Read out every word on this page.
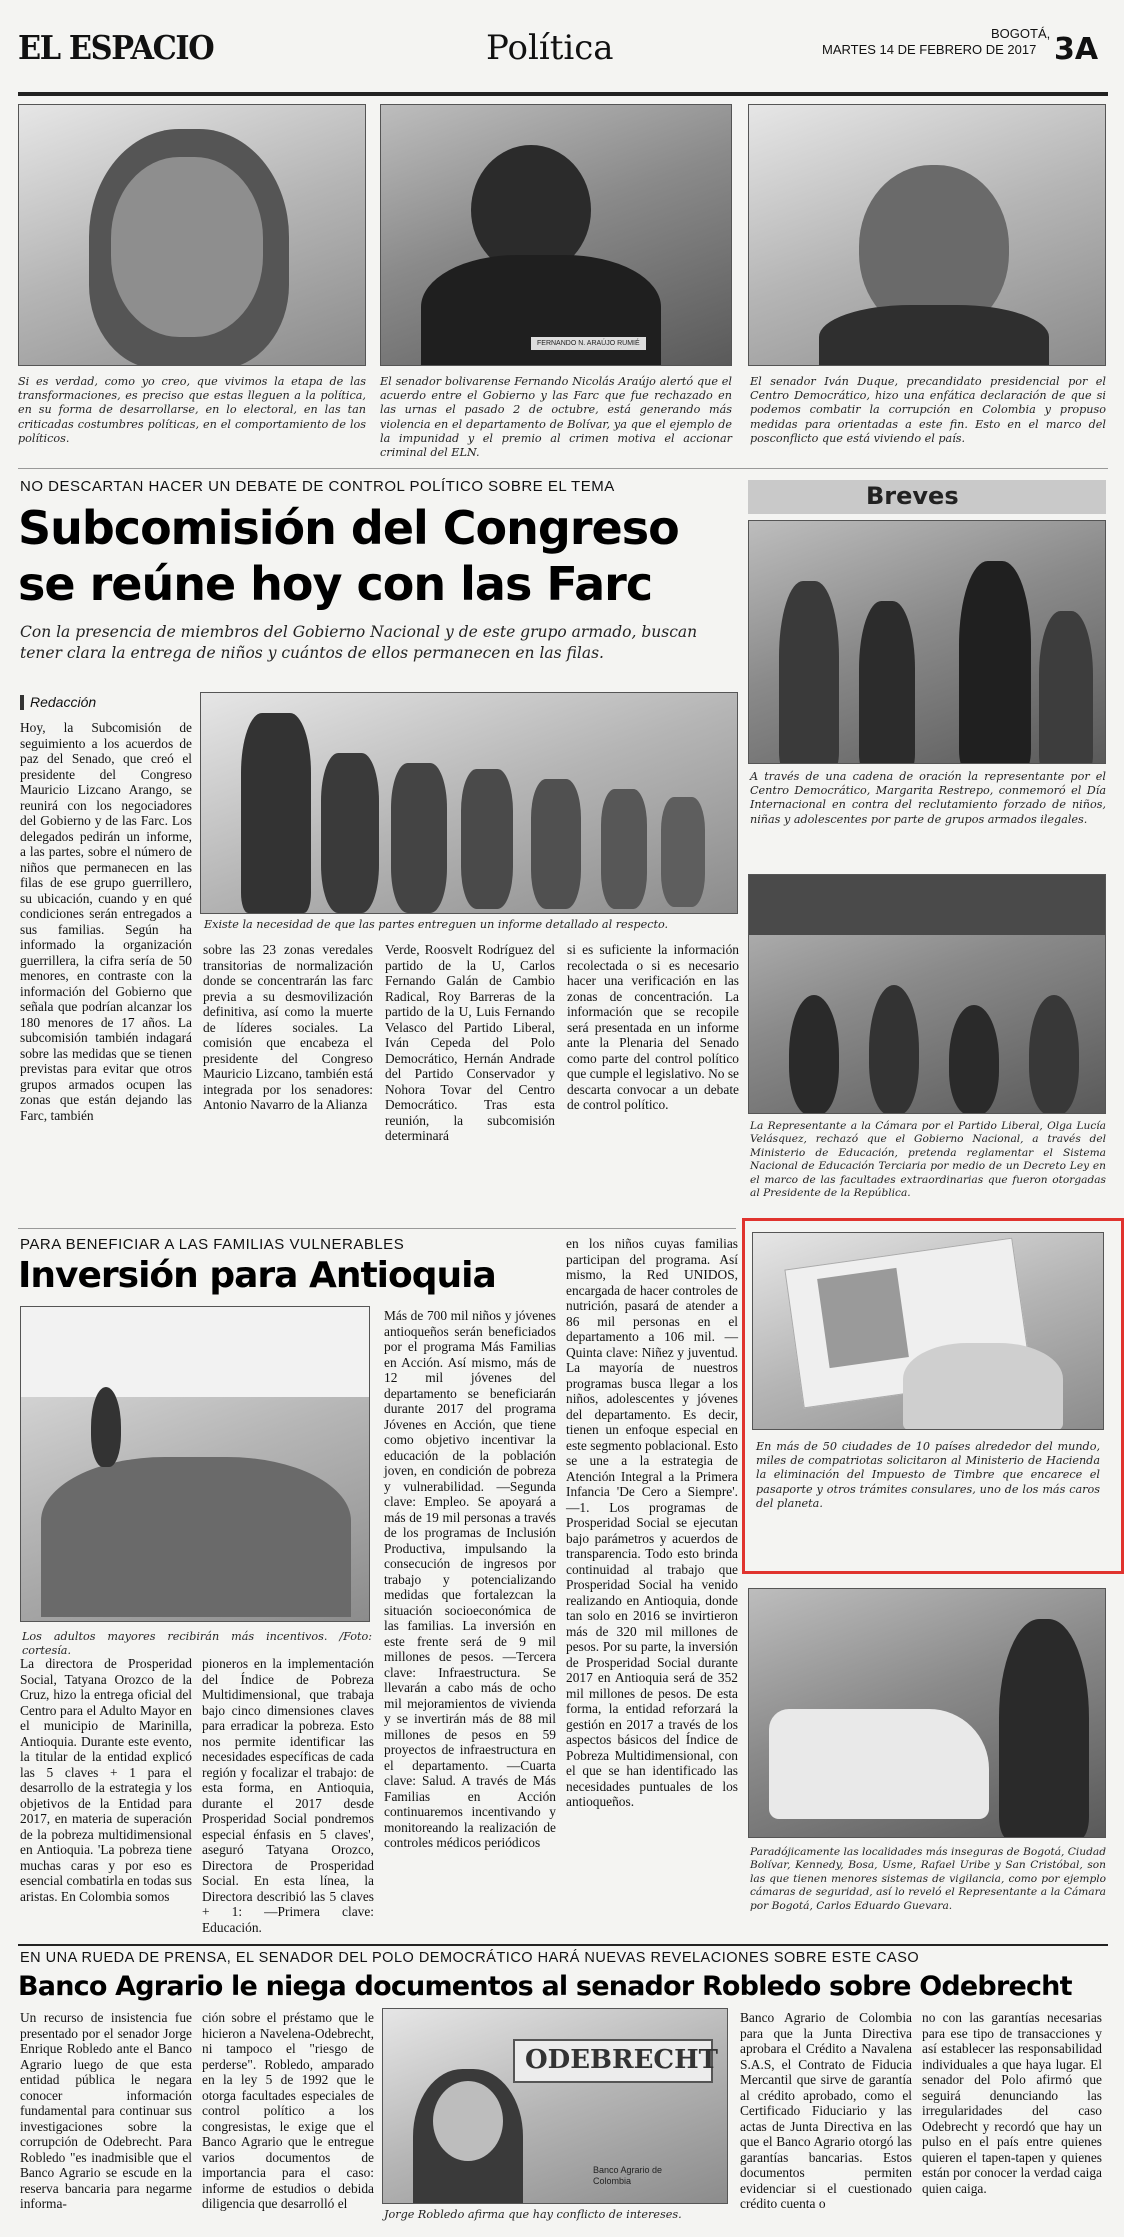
EL ESPACIO	Política	BOGOTÁ,
MARTES 14 DE FEBRERO DE 2017 3A
Si es verdad, como yo creo, que vivimos la etapa de las transformaciones, es preciso que estas lleguen a la política, en su forma de desarrollarse, en lo electoral, en las tan criticadas costumbres políticas, en el comportamiento de los políticos.
FERNANDO N. ARAÚJO RUMIÉ
El senador bolivarense Fernando Nicolás Araújo alertó que el acuerdo entre el Gobierno y las Farc que fue rechazado en las urnas el pasado 2 de octubre, está generando más violencia en el departamento de Bolívar, ya que el ejemplo de la impunidad y el premio al crimen motiva el accionar criminal del ELN.
El senador Iván Duque, precandidato presidencial por el Centro Democrático, hizo una enfática declaración de que si podemos combatir la corrupción en Colombia y propuso medidas para orientadas a este fin. Esto en el marco del posconflicto que está viviendo el país.
NO DESCARTAN HACER UN DEBATE DE CONTROL POLÍTICO SOBRE EL TEMA
Subcomisión del Congreso
se reúne hoy con las Farc
Con la presencia de miembros del Gobierno Nacional y de este grupo armado, buscan tener clara la entrega de niños y cuántos de ellos permanecen en las filas.
Redacción
Hoy, la Subcomisión de seguimiento a los acuerdos de paz del Senado, que creó el presidente del Congreso Mauricio Lizcano Arango, se reunirá con los negociadores del Gobierno y de las Farc. Los delegados pedirán un informe, a las partes, sobre el número de niños que permanecen en las filas de ese grupo guerrillero, su ubicación, cuando y en qué condiciones serán entregados a sus familias. Según ha informado la organización guerrillera, la cifra sería de 50 menores, en contraste con la información del Gobierno que señala que podrían alcanzar los 180 menores de 17 años. La subcomisión también indagará sobre las medidas que se tienen previstas para evitar que otros grupos armados ocupen las zonas que están dejando las Farc, también
Existe la necesidad de que las partes entreguen un informe detallado al respecto.
sobre las 23 zonas veredales transitorias de normalización donde se concentrarán las farc previa a su desmovilización definitiva, así como la muerte de líderes sociales. La comisión que encabeza el presidente del Congreso Mauricio Lizcano, también está integrada por los senadores: Antonio Navarro de la Alianza
Verde, Roosvelt Rodríguez del partido de la U, Carlos Fernando Galán de Cambio Radical, Roy Barreras de la partido de la U, Luis Fernando Velasco del Partido Liberal, Iván Cepeda del Polo Democrático, Hernán Andrade del Partido Conservador y Nohora Tovar del Centro Democrático. Tras esta reunión, la subcomisión determinará
si es suficiente la información recolectada o si es necesario hacer una verificación en las zonas de concentración. La información que se recopile será presentada en un informe ante la Plenaria del Senado como parte del control político que cumple el legislativo. No se descarta convocar a un debate de control político.
Breves
A través de una cadena de oración la representante por el Centro Democrático, Margarita Restrepo, conmemoró el Día Internacional en contra del reclutamiento forzado de niños, niñas y adolescentes por parte de grupos armados ilegales.
La Representante a la Cámara por el Partido Liberal, Olga Lucía Velásquez, rechazó que el Gobierno Nacional, a través del Ministerio de Educación, pretenda reglamentar el Sistema Nacional de Educación Terciaria por medio de un Decreto Ley en el marco de las facultades extraordinarias que fueron otorgadas al Presidente de la República.
En más de 50 ciudades de 10 países alrededor del mundo, miles de compatriotas solicitaron al Ministerio de Hacienda la eliminación del Impuesto de Timbre que encarece el pasaporte y otros trámites consulares, uno de los más caros del planeta.
Paradójicamente las localidades más inseguras de Bogotá, Ciudad Bolívar, Kennedy, Bosa, Usme, Rafael Uribe y San Cristóbal, son las que tienen menores sistemas de vigilancia, como por ejemplo cámaras de seguridad, así lo reveló el Representante a la Cámara por Bogotá, Carlos Eduardo Guevara.
PARA BENEFICIAR A LAS FAMILIAS VULNERABLES
Inversión para Antioquia
Los adultos mayores recibirán más incentivos. /Foto: cortesía.
La directora de Prosperidad Social, Tatyana Orozco de la Cruz, hizo la entrega oficial del Centro para el Adulto Mayor en el municipio de Marinilla, Antioquia. Durante este evento, la titular de la entidad explicó las 5 claves + 1 para el desarrollo de la estrategia y los objetivos de la Entidad para 2017, en materia de superación de la pobreza multidimensional en Antioquia. 'La pobreza tiene muchas caras y por eso es esencial combatirla en todas sus aristas. En Colombia somos
pioneros en la implementación del Índice de Pobreza Multidimensional, que trabaja bajo cinco dimensiones claves para erradicar la pobreza. Esto nos permite identificar las necesidades específicas de cada región y focalizar el trabajo: de esta forma, en Antioquia, durante el 2017 desde Prosperidad Social pondremos especial énfasis en 5 claves', aseguró Tatyana Orozco, Directora de Prosperidad Social. En esta línea, la Directora describió las 5 claves + 1: —Primera clave: Educación.
Más de 700 mil niños y jóvenes antioqueños serán beneficiados por el programa Más Familias en Acción. Así mismo, más de 12 mil jóvenes del departamento se beneficiarán durante 2017 del programa Jóvenes en Acción, que tiene como objetivo incentivar la educación de la población joven, en condición de pobreza y vulnerabilidad. —Segunda clave: Empleo. Se apoyará a más de 19 mil personas a través de los programas de Inclusión Productiva, impulsando la consecución de ingresos por trabajo y potencializando medidas que fortalezcan la situación socioeconómica de las familias. La inversión en este frente será de 9 mil millones de pesos. —Tercera clave: Infraestructura. Se llevarán a cabo más de ocho mil mejoramientos de vivienda y se invertirán más de 88 mil millones de pesos en 59 proyectos de infraestructura en el departamento. —Cuarta clave: Salud. A través de Más Familias en Acción continuaremos incentivando y monitoreando la realización de controles médicos periódicos
en los niños cuyas familias participan del programa. Así mismo, la Red UNIDOS, encargada de hacer controles de nutrición, pasará de atender a 86 mil personas en el departamento a 106 mil. —Quinta clave: Niñez y juventud. La mayoría de nuestros programas busca llegar a los niños, adolescentes y jóvenes del departamento. Es decir, tienen un enfoque especial en este segmento poblacional. Esto se une a la estrategia de Atención Integral a la Primera Infancia 'De Cero a Siempre'. —1. Los programas de Prosperidad Social se ejecutan bajo parámetros y acuerdos de transparencia. Todo esto brinda continuidad al trabajo que Prosperidad Social ha venido realizando en Antioquia, donde tan solo en 2016 se invirtieron más de 320 mil millones de pesos. Por su parte, la inversión de Prosperidad Social durante 2017 en Antioquia será de 352 mil millones de pesos. De esta forma, la entidad reforzará la gestión en 2017 a través de los aspectos básicos del Índice de Pobreza Multidimensional, con el que se han identificado las necesidades puntuales de los antioqueños.
EN UNA RUEDA DE PRENSA, EL SENADOR DEL POLO DEMOCRÁTICO HARÁ NUEVAS REVELACIONES SOBRE ESTE CASO
Banco Agrario le niega documentos al senador Robledo sobre Odebrecht
Un recurso de insistencia fue presentado por el senador Jorge Enrique Robledo ante el Banco Agrario luego de que esta entidad pública le negara conocer información fundamental para continuar sus investigaciones sobre la corrupción de Odebrecht. Para Robledo "es inadmisible que el Banco Agrario se escude en la reserva bancaria para negarme informa-
ción sobre el préstamo que le hicieron a Navelena-Odebrecht, ni tampoco el "riesgo de perderse". Robledo, amparado en la ley 5 de 1992 que le otorga facultades especiales de control político a los congresistas, le exige que el Banco Agrario que le entregue varios documentos de importancia para el caso: informe de estudios o debida diligencia que desarrolló el
ODEBRECHT
Banco Agrario de Colombia
Jorge Robledo afirma que hay conflicto de intereses.
Banco Agrario de Colombia para que la Junta Directiva aprobara el Crédito a Navalena S.A.S, el Contrato de Fiducia Mercantil que sirve de garantía al crédito aprobado, como el Certificado Fiduciario y las actas de Junta Directiva en las que el Banco Agrario otorgó las garantías bancarias. Estos documentos permiten evidenciar si el cuestionado crédito cuenta o
no con las garantías necesarias para ese tipo de transacciones y así establecer las responsabilidad individuales a que haya lugar. El senador del Polo afirmó que seguirá denunciando las irregularidades del caso Odebrecht y recordó que hay un pulso en el país entre quienes quieren el tapen-tapen y quienes están por conocer la verdad caiga quien caiga.
